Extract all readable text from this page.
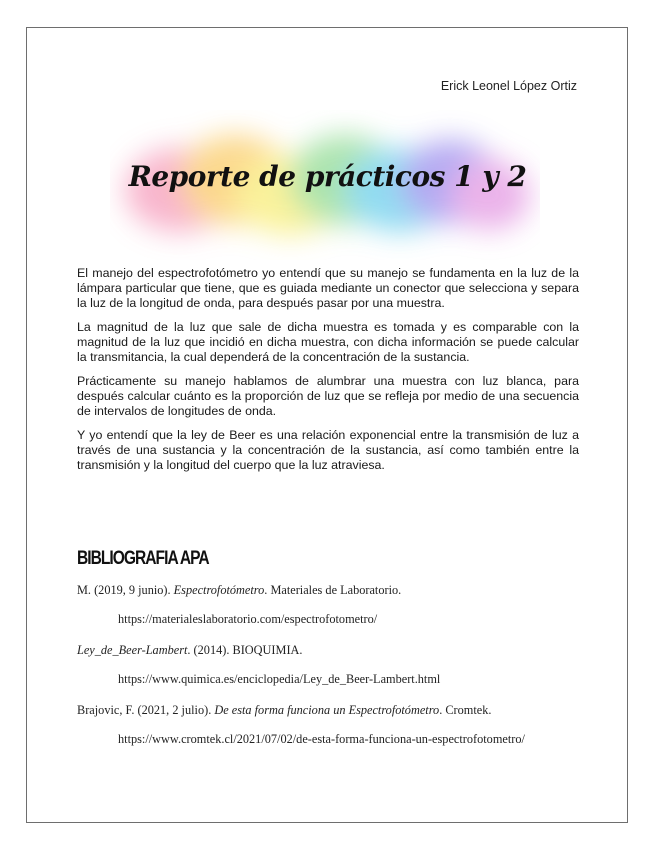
Erick Leonel López Ortiz
Reporte de prácticos 1 y 2

El manejo del espectrofotómetro yo entendí que su manejo se fundamenta en la luz de la lámpara particular que tiene, que es guiada mediante un conector que selecciona y separa la luz de la longitud de onda, para después pasar por una muestra.

La magnitud de la luz que sale de dicha muestra es tomada y es comparable con la magnitud de la luz que incidió en dicha muestra, con dicha información se puede calcular la transmitancia, la cual dependerá de la concentración de la sustancia.

Prácticamente su manejo hablamos de alumbrar una muestra con luz blanca, para después calcular cuánto es la proporción de luz que se refleja por medio de una secuencia de intervalos de longitudes de onda.

Y yo entendí que la ley de Beer es una relación exponencial entre la transmisión de luz a través de una sustancia y la concentración de la sustancia, así como también entre la transmisión y la longitud del cuerpo que la luz atraviesa.

BIBLIOGRAFIA APA

M. (2019, 9 junio). Espectrofotómetro. Materiales de Laboratorio.

https://materialeslaboratorio.com/espectrofotometro/

Ley_de_Beer-Lambert. (2014). BIOQUIMIA.

https://www.quimica.es/enciclopedia/Ley_de_Beer-Lambert.html

Brajovic, F. (2021, 2 julio). De esta forma funciona un Espectrofotómetro. Cromtek.

https://www.cromtek.cl/2021/07/02/de-esta-forma-funciona-un-espectrofotometro/
